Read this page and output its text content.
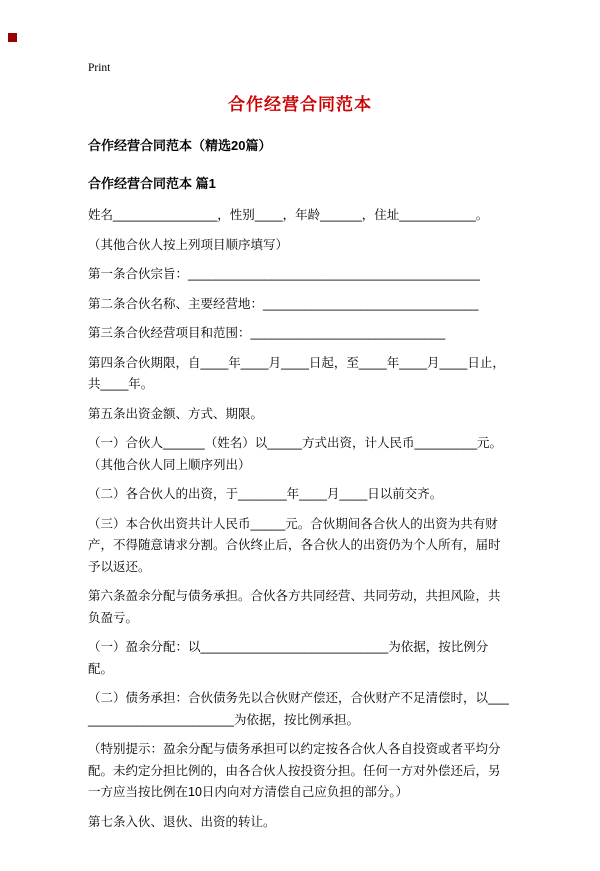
Print
合作经营合同范本
合作经营合同范本（精选20篇）
合作经营合同范本 篇1

姓名_______________，性别____，年龄______，住址___________。

（其他合伙人按上列项目顺序填写）

第一条合伙宗旨：__________________________________________

第二条合伙名称、主要经营地：_______________________________

第三条合伙经营项目和范围：____________________________

第四条合伙期限，自____年____月____日起，至____年____月____日止，共____年。

第五条出资金额、方式、期限。

（一）合伙人______（姓名）以_____方式出资，计人民币_________元。（其他合伙人同上顺序列出）

（二）各合伙人的出资，于_______年____月____日以前交齐。

（三）本合伙出资共计人民币_____元。合伙期间各合伙人的出资为共有财产，不得随意请求分割。合伙终止后，各合伙人的出资仍为个人所有，届时予以返还。

第六条盈余分配与债务承担。合伙各方共同经营、共同劳动，共担风险，共负盈亏。

（一）盈余分配：以___________________________为依据，按比例分配。

（二）债务承担：合伙债务先以合伙财产偿还，合伙财产不足清偿时，以________________________为依据，按比例承担。

（特别提示：盈余分配与债务承担可以约定按各合伙人各自投资或者平均分配。未约定分担比例的，由各合伙人按投资分担。任何一方对外偿还后，另一方应当按比例在10日内向对方清偿自己应负担的部分。）

第七条入伙、退伙、出资的转让。
